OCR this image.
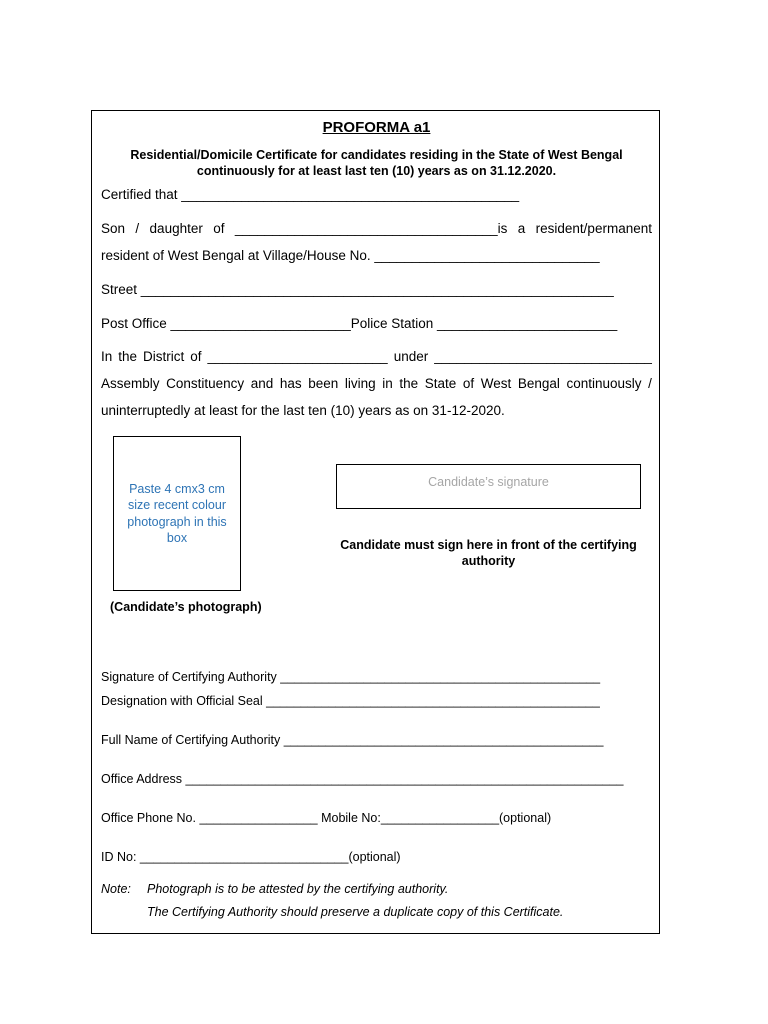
PROFORMA a1
Residential/Domicile Certificate for candidates residing in the State of West Bengal
continuously for at least last ten (10) years as on 31.12.2020.
Certified that _____________________________________________
Son / daughter of ___________________________________is a resident/permanent
resident of West Bengal at Village/House No. ______________________________
Street _______________________________________________________________
Post Office ________________________Police Station ________________________
In the District of ________________________ under _____________________________
Assembly Constituency and has been living in the State of West Bengal continuously /
uninterruptedly at least for the last ten (10) years as on 31-12-2020.
Paste 4 cmx3 cm
size recent colour
photograph in this
box
(Candidate’s photograph)
Candidate’s signature
Candidate must sign here in front of the certifying authority
Signature of Certifying Authority ______________________________________________
Designation with Official Seal ________________________________________________
Full Name of Certifying Authority ______________________________________________
Office Address _______________________________________________________________
Office Phone No. _________________ Mobile No:_________________(optional)
ID No: ______________________________(optional)
Note: Photograph is to be attested by the certifying authority.
The Certifying Authority should preserve a duplicate copy of this Certificate.
